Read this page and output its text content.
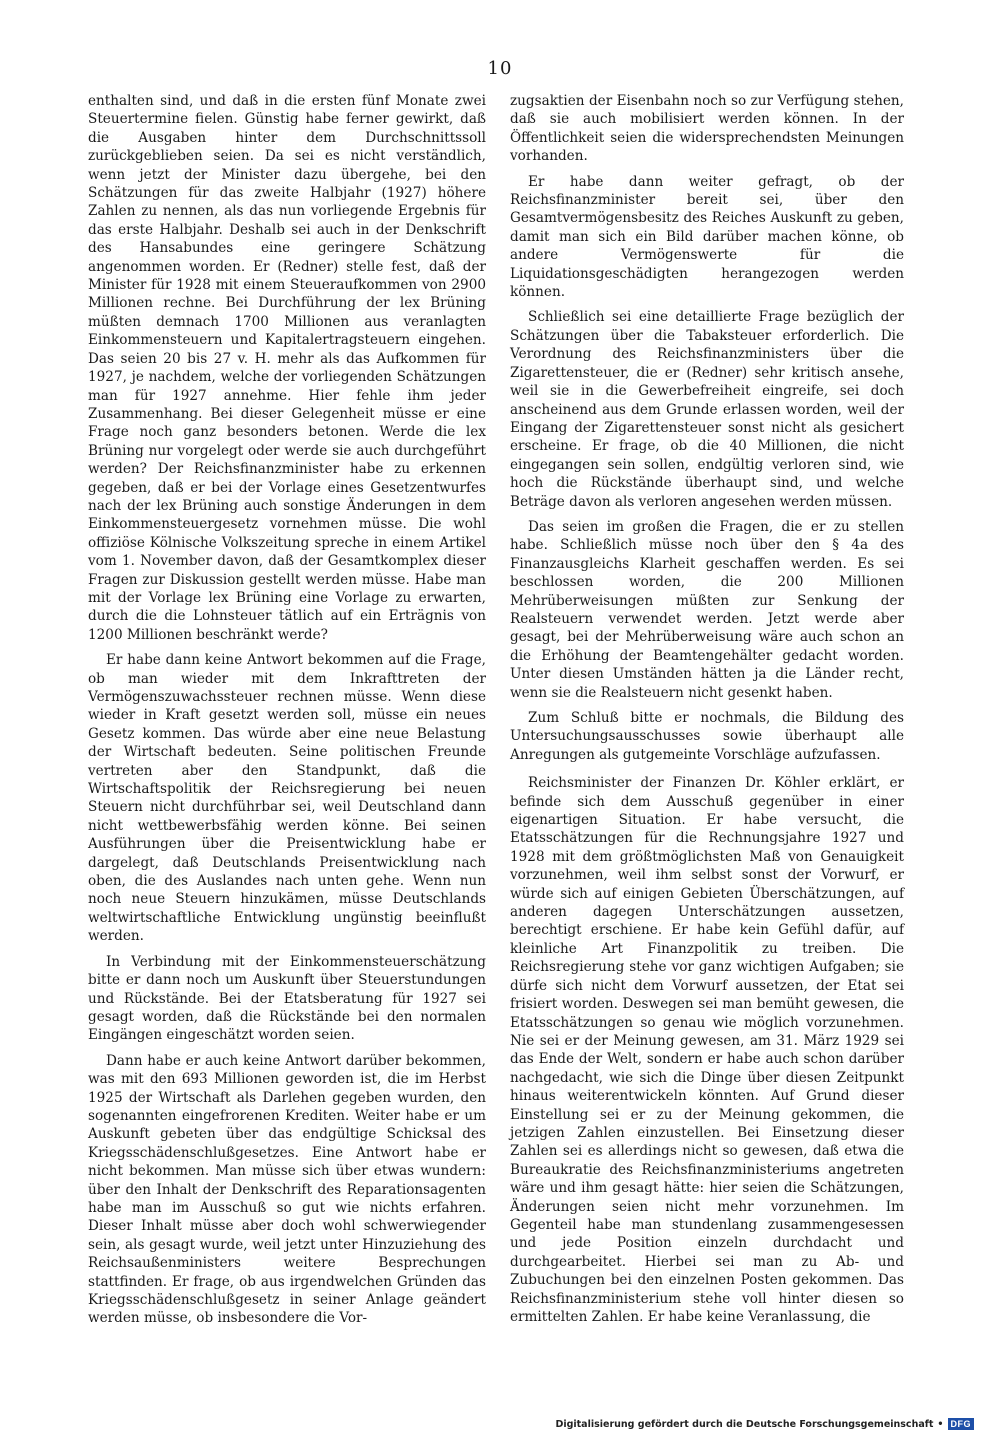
10

enthalten sind, und daß in die ersten fünf Monate zwei Steuertermine fielen. Günstig habe ferner gewirkt, daß die Ausgaben hinter dem Durchschnittssoll zurückgeblieben seien. Da sei es nicht verständlich, wenn jetzt der Minister dazu übergehe, bei den Schätzungen für das zweite Halbjahr (1927) höhere Zahlen zu nennen, als das nun vorliegende Ergebnis für das erste Halbjahr. Deshalb sei auch in der Denkschrift des Hansabundes eine geringere Schätzung angenommen worden. Er (Redner) stelle fest, daß der Minister für 1928 mit einem Steueraufkommen von 2900 Millionen rechne. Bei Durchführung der lex Brüning müßten demnach 1700 Millionen aus veranlagten Einkommensteuern und Kapitalertragsteuern eingehen. Das seien 20 bis 27 v. H. mehr als das Aufkommen für 1927, je nachdem, welche der vorliegenden Schätzungen man für 1927 annehme. Hier fehle ihm jeder Zusammenhang. Bei dieser Gelegenheit müsse er eine Frage noch ganz besonders betonen. Werde die lex Brüning nur vorgelegt oder werde sie auch durchgeführt werden? Der Reichsfinanzminister habe zu erkennen gegeben, daß er bei der Vorlage eines Gesetzentwurfes nach der lex Brüning auch sonstige Änderungen in dem Einkommensteuergesetz vornehmen müsse. Die wohl offiziöse Kölnische Volkszeitung spreche in einem Artikel vom 1. November davon, daß der Gesamtkomplex dieser Fragen zur Diskussion gestellt werden müsse. Habe man mit der Vorlage lex Brüning eine Vorlage zu erwarten, durch die die Lohnsteuer tätlich auf ein Erträgnis von 1200 Millionen beschränkt werde?

Er habe dann keine Antwort bekommen auf die Frage, ob man wieder mit dem Inkrafttreten der Vermögenszuwachssteuer rechnen müsse. Wenn diese wieder in Kraft gesetzt werden soll, müsse ein neues Gesetz kommen. Das würde aber eine neue Belastung der Wirtschaft bedeuten. Seine politischen Freunde vertreten aber den Standpunkt, daß die Wirtschaftspolitik der Reichsregierung bei neuen Steuern nicht durchführbar sei, weil Deutschland dann nicht wettbewerbsfähig werden könne. Bei seinen Ausführungen über die Preisentwicklung habe er dargelegt, daß Deutschlands Preisentwicklung nach oben, die des Auslandes nach unten gehe. Wenn nun noch neue Steuern hinzukämen, müsse Deutschlands weltwirtschaftliche Entwicklung ungünstig beeinflußt werden.

In Verbindung mit der Einkommensteuerschätzung bitte er dann noch um Auskunft über Steuerstundungen und Rückstände. Bei der Etatsberatung für 1927 sei gesagt worden, daß die Rückstände bei den normalen Eingängen eingeschätzt worden seien.

Dann habe er auch keine Antwort darüber bekommen, was mit den 693 Millionen geworden ist, die im Herbst 1925 der Wirtschaft als Darlehen gegeben wurden, den sogenannten eingefrorenen Krediten. Weiter habe er um Auskunft gebeten über das endgültige Schicksal des Kriegsschädenschlußgesetzes. Eine Antwort habe er nicht bekommen. Man müsse sich über etwas wundern: über den Inhalt der Denkschrift des Reparationsagenten habe man im Ausschuß so gut wie nichts erfahren. Dieser Inhalt müsse aber doch wohl schwerwiegender sein, als gesagt wurde, weil jetzt unter Hinzuziehung des Reichsaußenministers weitere Besprechungen stattfinden. Er frage, ob aus irgendwelchen Gründen das Kriegsschädenschlußgesetz in seiner Anlage geändert werden müsse, ob insbesondere die Vor-

zugsaktien der Eisenbahn noch so zur Verfügung stehen, daß sie auch mobilisiert werden können. In der Öffentlichkeit seien die widersprechendsten Meinungen vorhanden.

Er habe dann weiter gefragt, ob der Reichsfinanzminister bereit sei, über den Gesamtvermögensbesitz des Reiches Auskunft zu geben, damit man sich ein Bild darüber machen könne, ob andere Vermögenswerte für die Liquidationsgeschädigten herangezogen werden können.

Schließlich sei eine detaillierte Frage bezüglich der Schätzungen über die Tabaksteuer erforderlich. Die Verordnung des Reichsfinanzministers über die Zigarettensteuer, die er (Redner) sehr kritisch ansehe, weil sie in die Gewerbefreiheit eingreife, sei doch anscheinend aus dem Grunde erlassen worden, weil der Eingang der Zigarettensteuer sonst nicht als gesichert erscheine. Er frage, ob die 40 Millionen, die nicht eingegangen sein sollen, endgültig verloren sind, wie hoch die Rückstände überhaupt sind, und welche Beträge davon als verloren angesehen werden müssen.

Das seien im großen die Fragen, die er zu stellen habe. Schließlich müsse noch über den § 4a des Finanzausgleichs Klarheit geschaffen werden. Es sei beschlossen worden, die 200 Millionen Mehrüberweisungen müßten zur Senkung der Realsteuern verwendet werden. Jetzt werde aber gesagt, bei der Mehrüberweisung wäre auch schon an die Erhöhung der Beamtengehälter gedacht worden. Unter diesen Umständen hätten ja die Länder recht, wenn sie die Realsteuern nicht gesenkt haben.

Zum Schluß bitte er nochmals, die Bildung des Untersuchungsausschusses sowie überhaupt alle Anregungen als gutgemeinte Vorschläge aufzufassen.

Reichsminister der Finanzen Dr. Köhler erklärt, er befinde sich dem Ausschuß gegenüber in einer eigenartigen Situation. Er habe versucht, die Etatsschätzungen für die Rechnungsjahre 1927 und 1928 mit dem größtmöglichsten Maß von Genauigkeit vorzunehmen, weil ihm selbst sonst der Vorwurf, er würde sich auf einigen Gebieten Überschätzungen, auf anderen dagegen Unterschätzungen aussetzen, berechtigt erschiene. Er habe kein Gefühl dafür, auf kleinliche Art Finanzpolitik zu treiben. Die Reichsregierung stehe vor ganz wichtigen Aufgaben; sie dürfe sich nicht dem Vorwurf aussetzen, der Etat sei frisiert worden. Deswegen sei man bemüht gewesen, die Etatsschätzungen so genau wie möglich vorzunehmen. Nie sei er der Meinung gewesen, am 31. März 1929 sei das Ende der Welt, sondern er habe auch schon darüber nachgedacht, wie sich die Dinge über diesen Zeitpunkt hinaus weiterentwickeln könnten. Auf Grund dieser Einstellung sei er zu der Meinung gekommen, die jetzigen Zahlen einzustellen. Bei Einsetzung dieser Zahlen sei es allerdings nicht so gewesen, daß etwa die Bureaukratie des Reichsfinanzministeriums angetreten wäre und ihm gesagt hätte: hier seien die Schätzungen, Änderungen seien nicht mehr vorzunehmen. Im Gegenteil habe man stundenlang zusammengesessen und jede Position einzeln durchdacht und durchgearbeitet. Hierbei sei man zu Ab- und Zubuchungen bei den einzelnen Posten gekommen. Das Reichsfinanzministerium stehe voll hinter diesen so ermittelten Zahlen. Er habe keine Veranlassung, die

Digitalisierung gefördert durch die Deutsche Forschungsgemeinschaft • DFG
